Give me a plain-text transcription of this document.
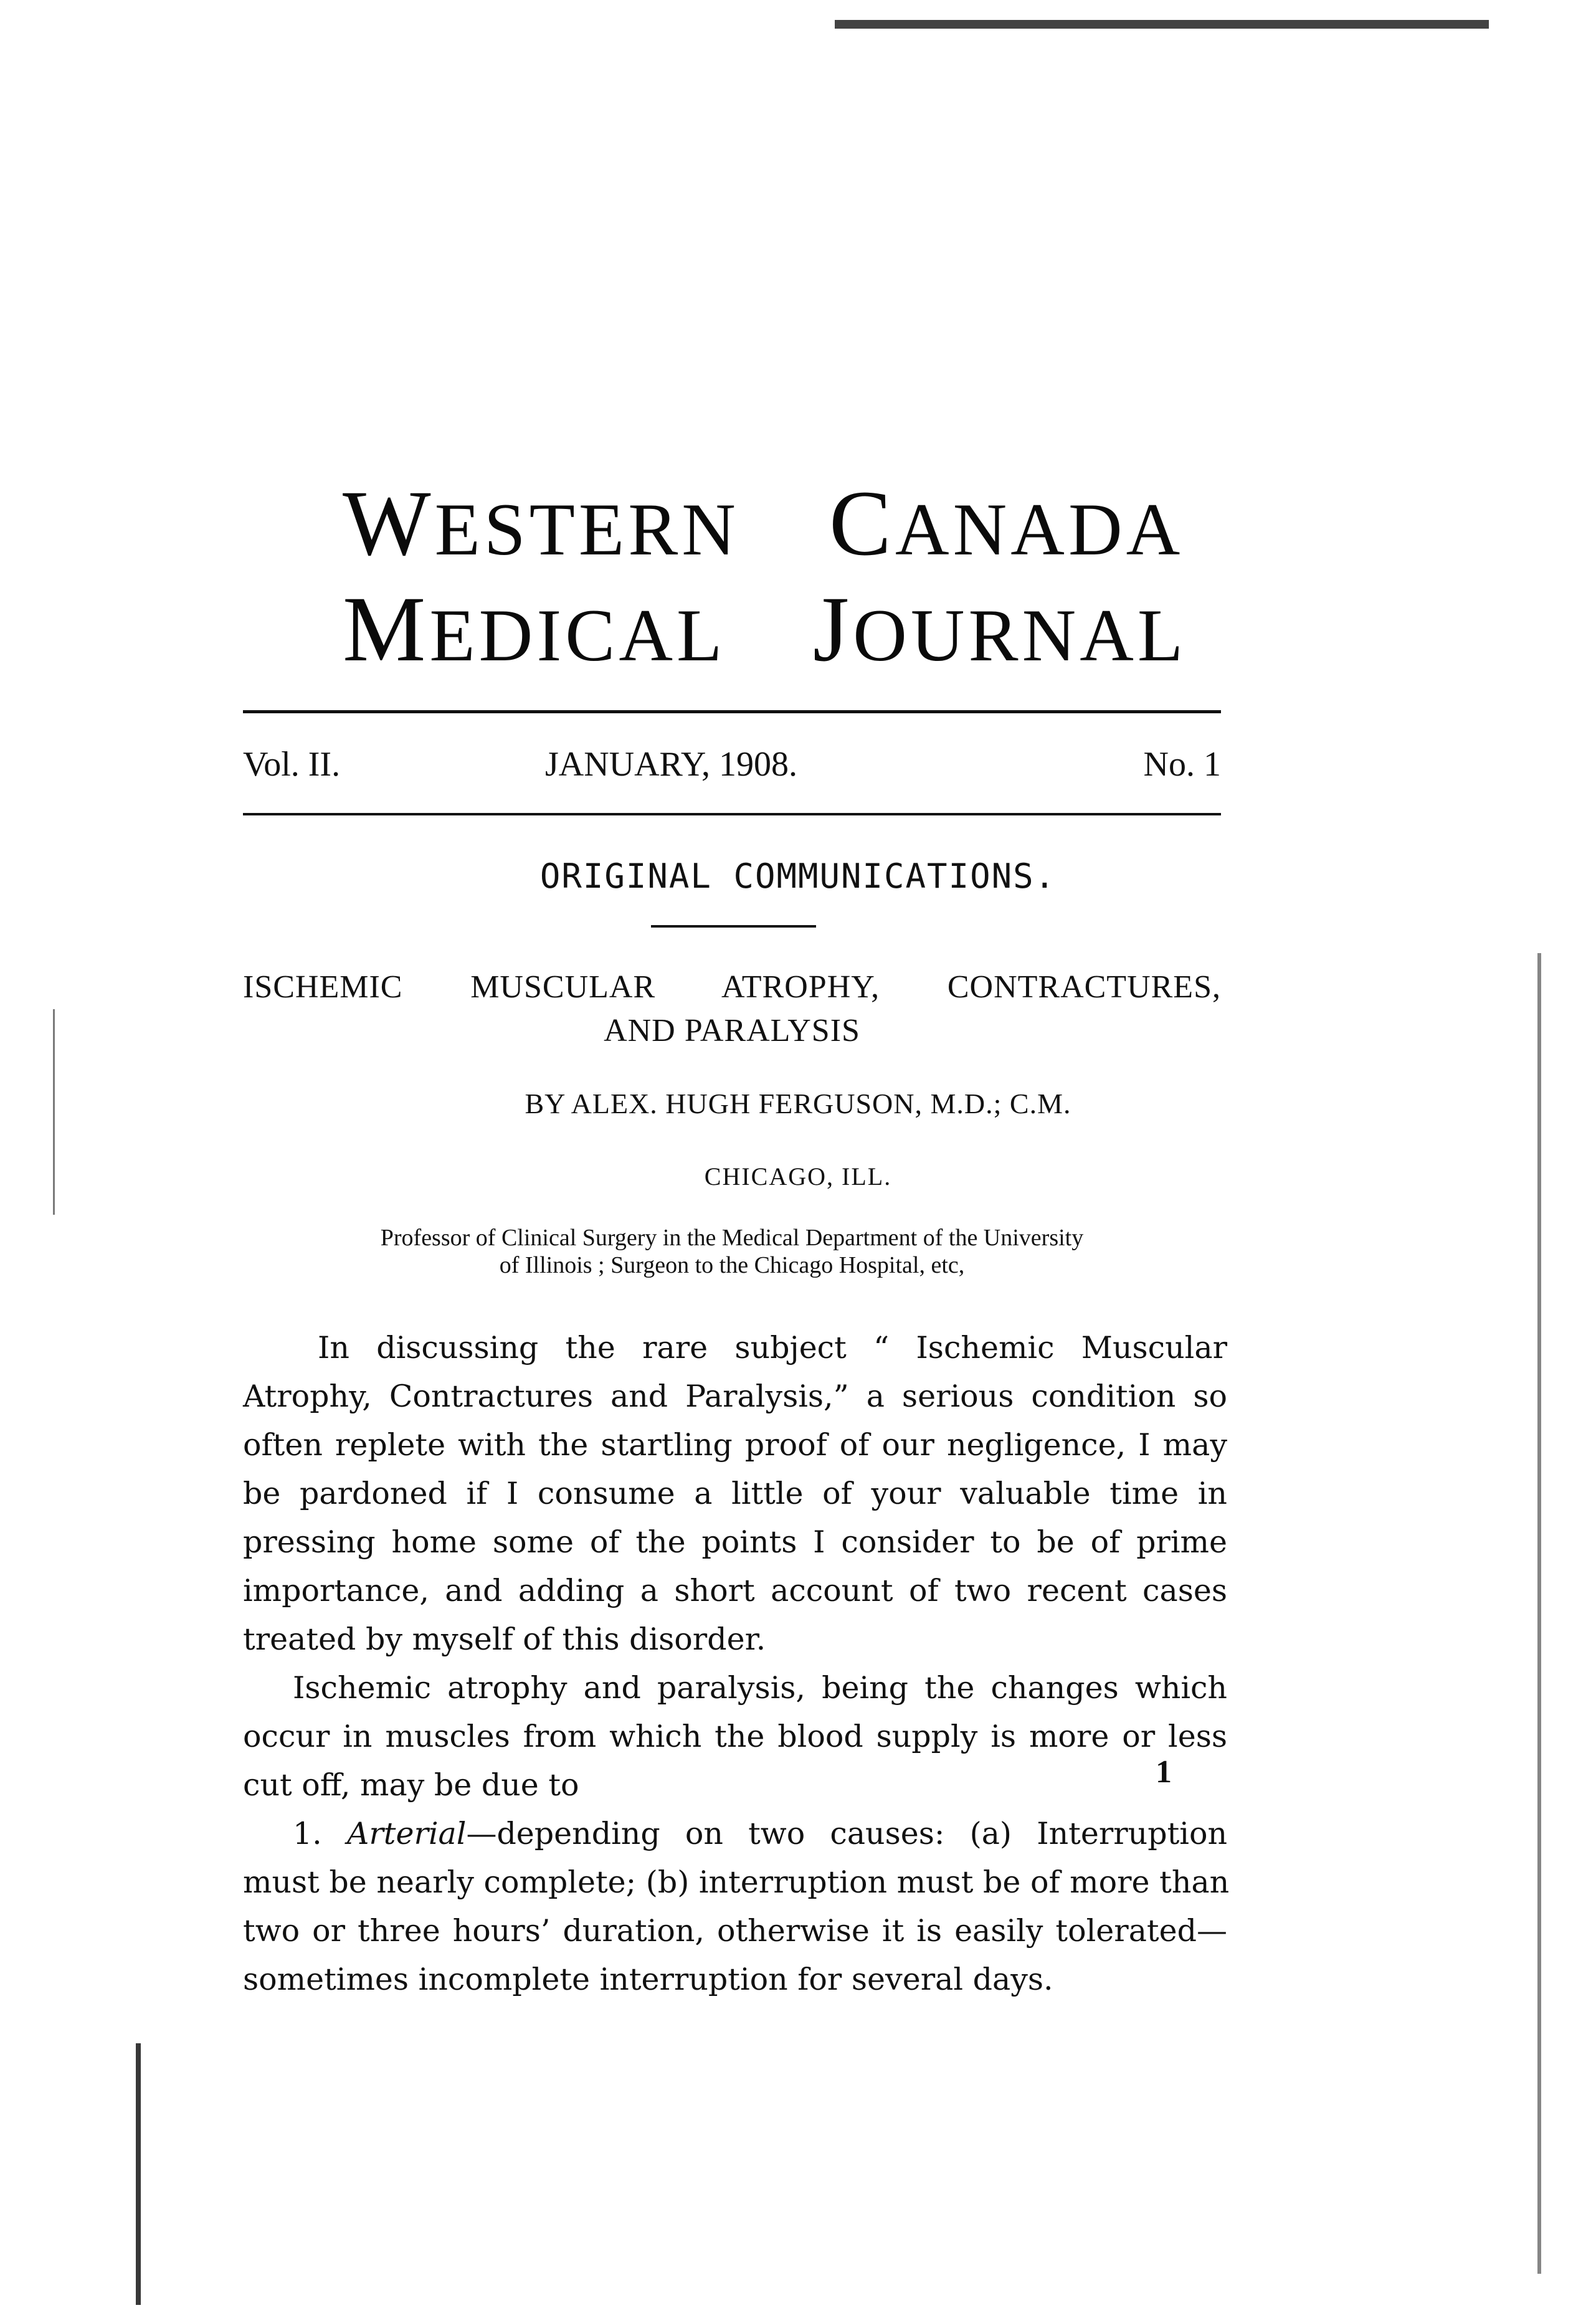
WESTERN CANADA
MEDICAL JOURNAL
Vol. II.	JANUARY, 1908.	No. 1
ORIGINAL COMMUNICATIONS.
ISCHEMIC MUSCULAR ATROPHY, CONTRACTURES,
AND PARALYSIS
BY ALEX. HUGH FERGUSON, M.D.; C.M.
CHICAGO, ILL.
Professor of Clinical Surgery in the Medical Department of the University
of Illinois ; Surgeon to the Chicago Hospital, etc,
In discussing the rare subject “ Ischemic Muscular
Atrophy, Contractures and Paralysis,” a serious condition so
often replete with the startling proof of our negligence, I may
be pardoned if I consume a little of your valuable time in
pressing home some of the points I consider to be of prime
importance, and adding a short account of two recent cases
treated by myself of this disorder.
Ischemic atrophy and paralysis, being the changes which
occur in muscles from which the blood supply is more or less
cut off, may be due to
1. Arterial—depending on two causes: (a) Interruption
must be nearly complete; (b) interruption must be of more than
two or three hours’ duration, otherwise it is easily tolerated—
sometimes incomplete interruption for several days.
1
